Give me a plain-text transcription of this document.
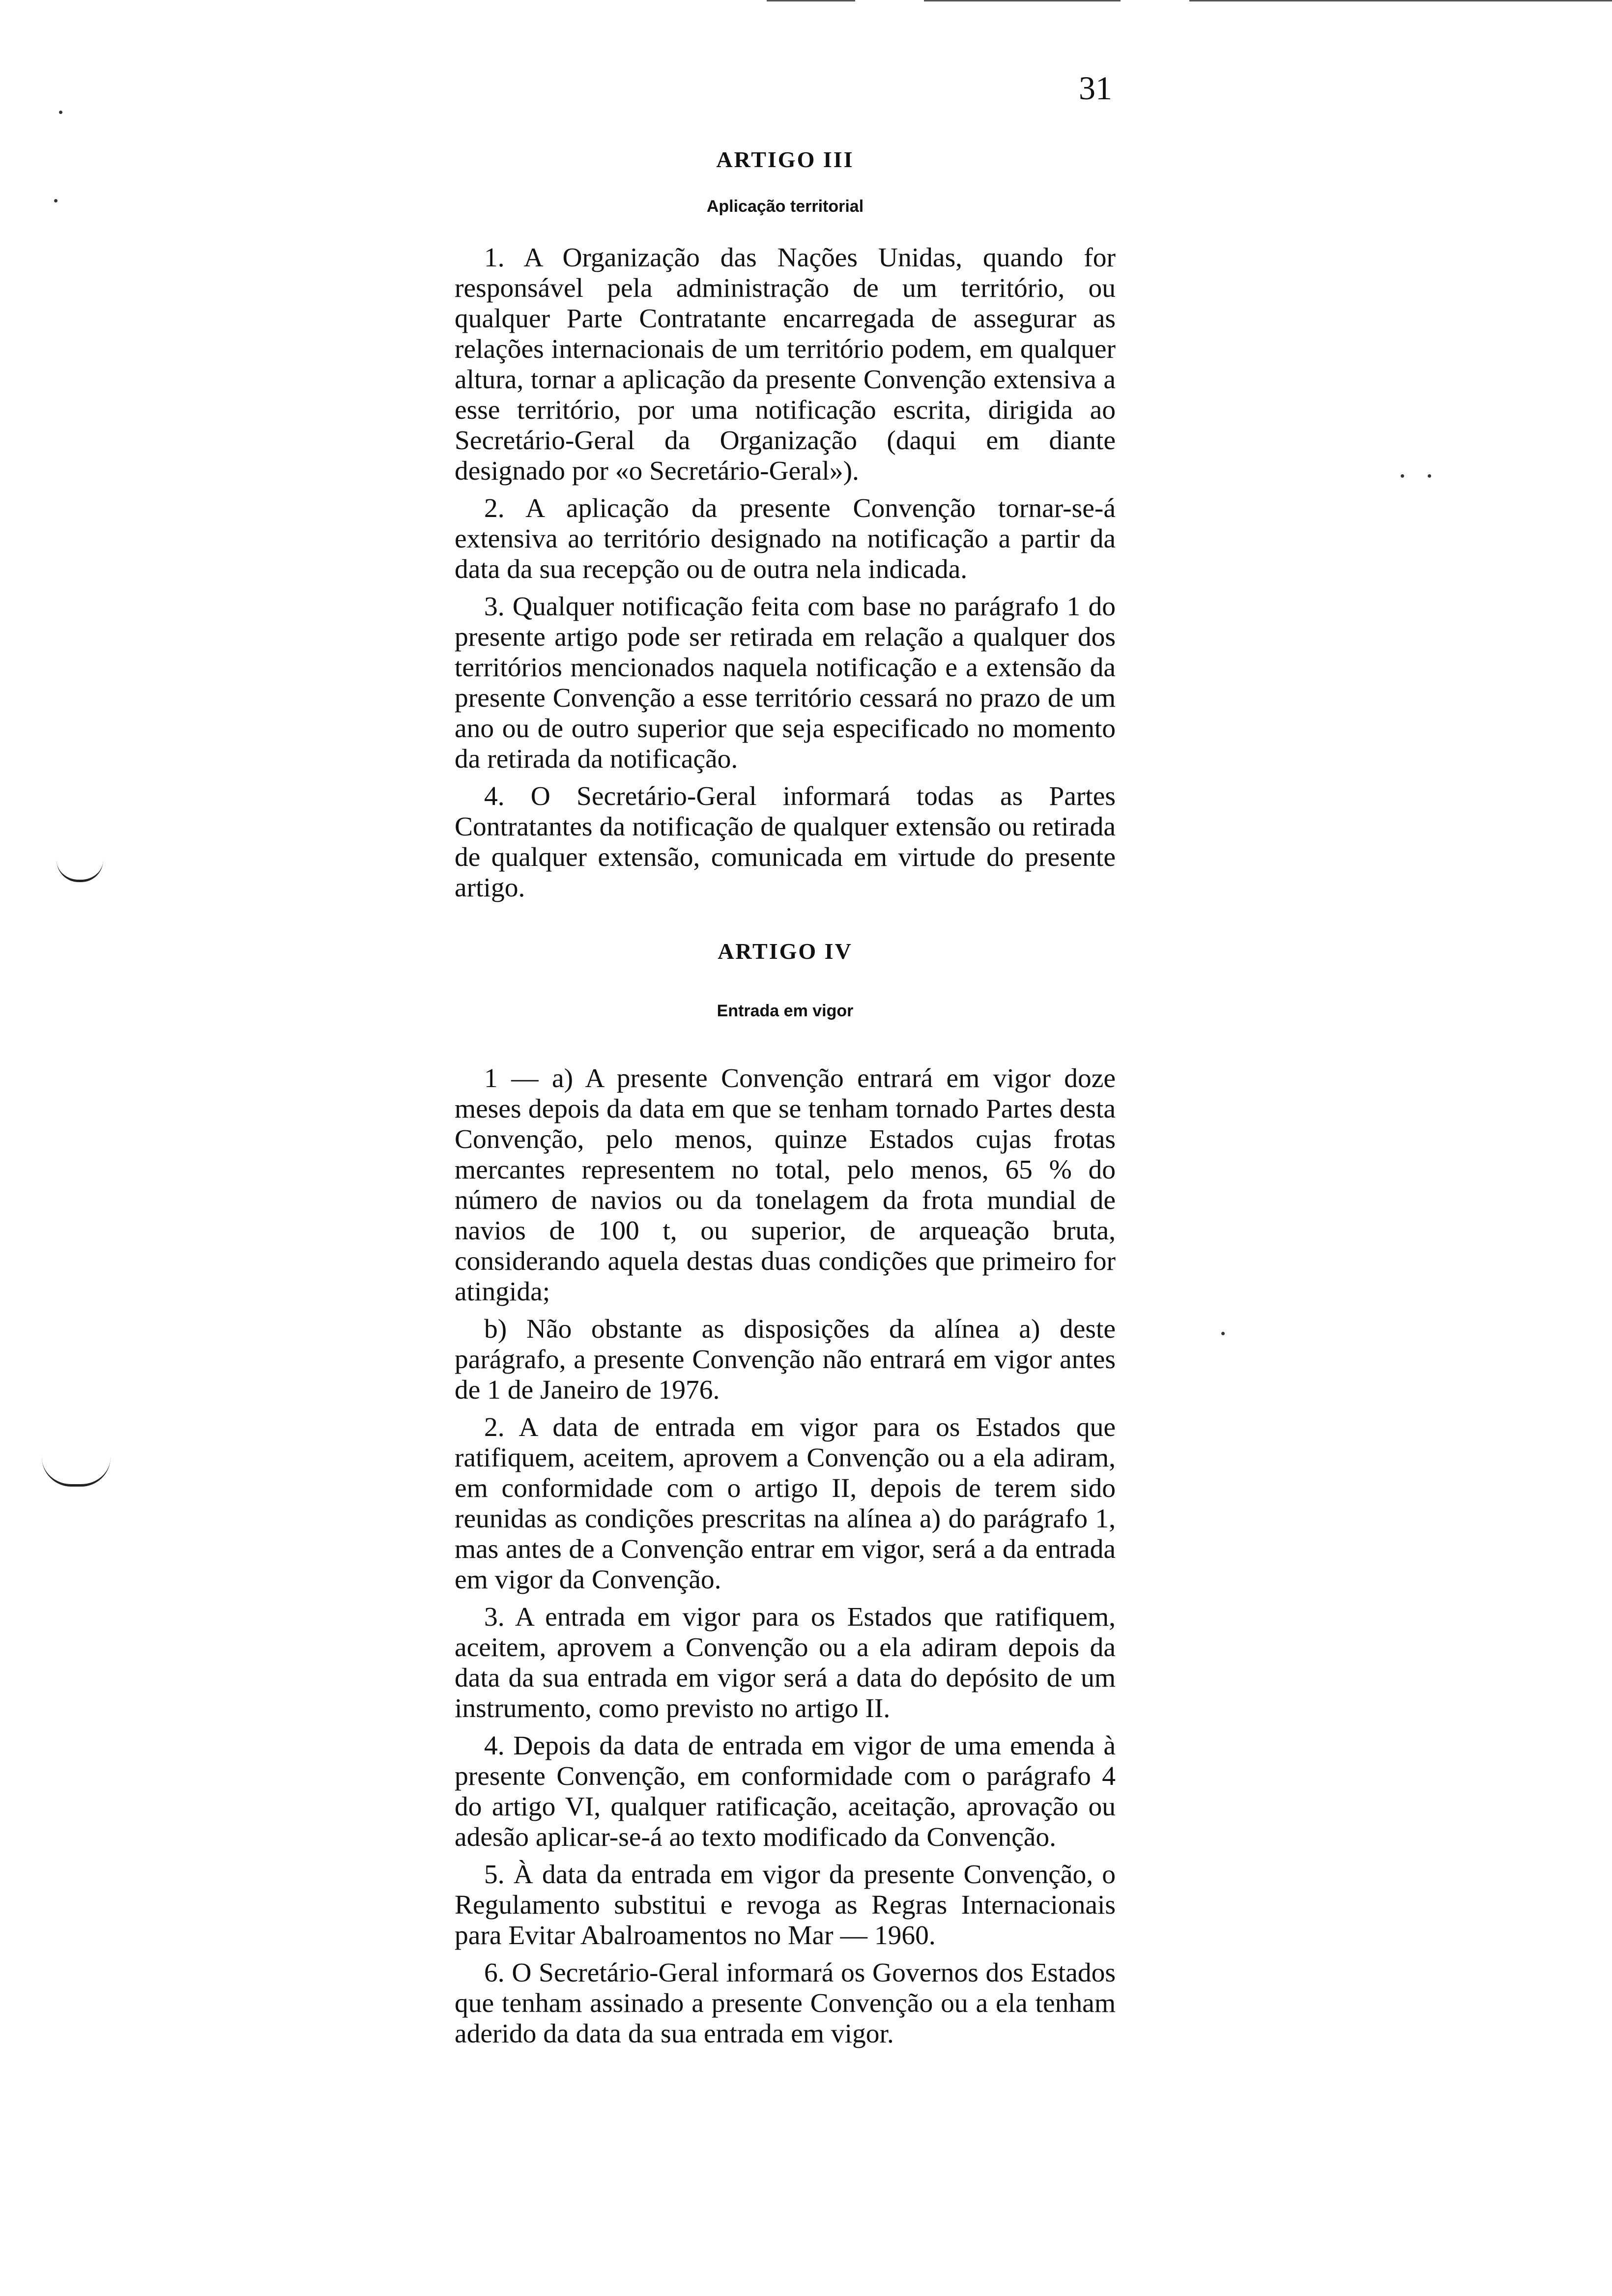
31
ARTIGO III
Aplicação territorial

1. A Organização das Nações Unidas, quando for responsável pela administração de um território, ou qualquer Parte Contratante encarregada de assegurar as relações internacionais de um território podem, em qualquer altura, tornar a aplicação da presente Convenção extensiva a esse território, por uma notificação escrita, dirigida ao Secretário-Geral da Organização (daqui em diante designado por «o Secretário-Geral»).

2. A aplicação da presente Convenção tornar-se-á extensiva ao território designado na notificação a partir da data da sua recepção ou de outra nela indicada.

3. Qualquer notificação feita com base no parágrafo 1 do presente artigo pode ser retirada em relação a qualquer dos territórios mencionados naquela notificação e a extensão da presente Convenção a esse território cessará no prazo de um ano ou de outro superior que seja especificado no momento da retirada da notificação.

4. O Secretário-Geral informará todas as Partes Contratantes da notificação de qualquer extensão ou retirada de qualquer extensão, comunicada em virtude do presente artigo.

ARTIGO IV
Entrada em vigor

1 — a) A presente Convenção entrará em vigor doze meses depois da data em que se tenham tornado Partes desta Convenção, pelo menos, quinze Estados cujas frotas mercantes representem no total, pelo menos, 65 % do número de navios ou da tonelagem da frota mundial de navios de 100 t, ou superior, de arqueação bruta, considerando aquela destas duas condições que primeiro for atingida;

b) Não obstante as disposições da alínea a) deste parágrafo, a presente Convenção não entrará em vigor antes de 1 de Janeiro de 1976.

2. A data de entrada em vigor para os Estados que ratifiquem, aceitem, aprovem a Convenção ou a ela adiram, em conformidade com o artigo II, depois de terem sido reunidas as condições prescritas na alínea a) do parágrafo 1, mas antes de a Convenção entrar em vigor, será a da entrada em vigor da Convenção.

3. A entrada em vigor para os Estados que ratifiquem, aceitem, aprovem a Convenção ou a ela adiram depois da data da sua entrada em vigor será a data do depósito de um instrumento, como previsto no artigo II.

4. Depois da data de entrada em vigor de uma emenda à presente Convenção, em conformidade com o parágrafo 4 do artigo VI, qualquer ratificação, aceitação, aprovação ou adesão aplicar-se-á ao texto modificado da Convenção.

5. À data da entrada em vigor da presente Convenção, o Regulamento substitui e revoga as Regras Internacionais para Evitar Abalroamentos no Mar — 1960.

6. O Secretário-Geral informará os Governos dos Estados que tenham assinado a presente Convenção ou a ela tenham aderido da data da sua entrada em vigor.
